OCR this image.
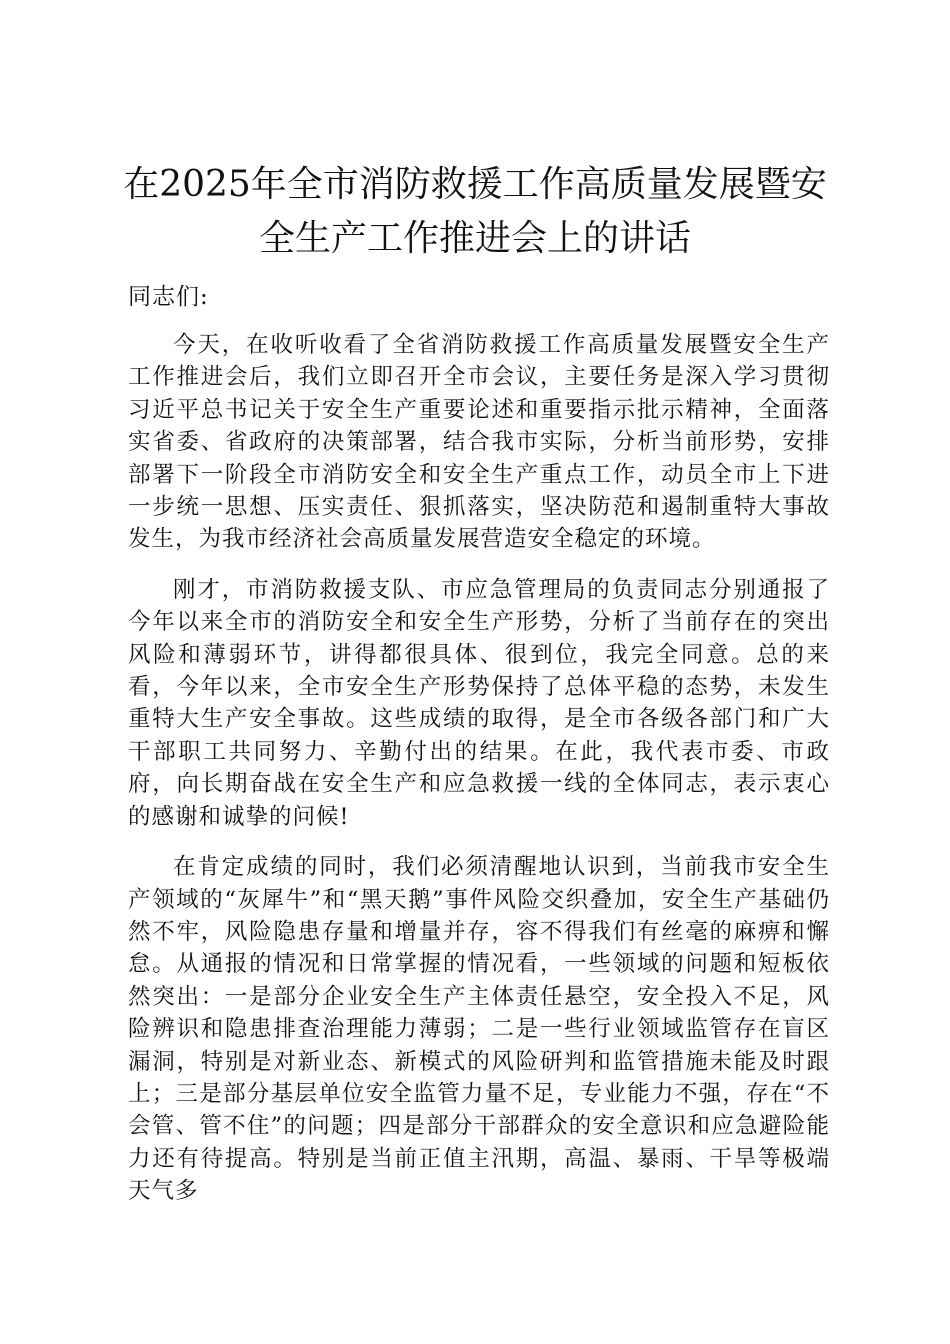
在2025年全市消防救援工作高质量发展暨安全生产工作推进会上的讲话

同志们:

今天，在收听收看了全省消防救援工作高质量发展暨安全生产工作推进会后，我们立即召开全市会议，主要任务是深入学习贯彻习近平总书记关于安全生产重要论述和重要指示批示精神，全面落实省委、省政府的决策部署，结合我市实际，分析当前形势，安排部署下一阶段全市消防安全和安全生产重点工作，动员全市上下进一步统一思想、压实责任、狠抓落实，坚决防范和遏制重特大事故发生，为我市经济社会高质量发展营造安全稳定的环境。

刚才，市消防救援支队、市应急管理局的负责同志分别通报了今年以来全市的消防安全和安全生产形势，分析了当前存在的突出风险和薄弱环节，讲得都很具体、很到位，我完全同意。总的来看，今年以来，全市安全生产形势保持了总体平稳的态势，未发生重特大生产安全事故。这些成绩的取得，是全市各级各部门和广大干部职工共同努力、辛勤付出的结果。在此，我代表市委、市政府，向长期奋战在安全生产和应急救援一线的全体同志，表示衷心的感谢和诚挚的问候!

在肯定成绩的同时，我们必须清醒地认识到，当前我市安全生产领域的“灰犀牛”和“黑天鹅”事件风险交织叠加，安全生产基础仍然不牢，风险隐患存量和增量并存，容不得我们有丝毫的麻痹和懈怠。从通报的情况和日常掌握的情况看，一些领域的问题和短板依然突出：一是部分企业安全生产主体责任悬空，安全投入不足，风险辨识和隐患排查治理能力薄弱；二是一些行业领域监管存在盲区漏洞，特别是对新业态、新模式的风险研判和监管措施未能及时跟上；三是部分基层单位安全监管力量不足，专业能力不强，存在“不会管、管不住”的问题；四是部分干部群众的安全意识和应急避险能力还有待提高。特别是当前正值主汛期，高温、暴雨、干旱等极端天气多
